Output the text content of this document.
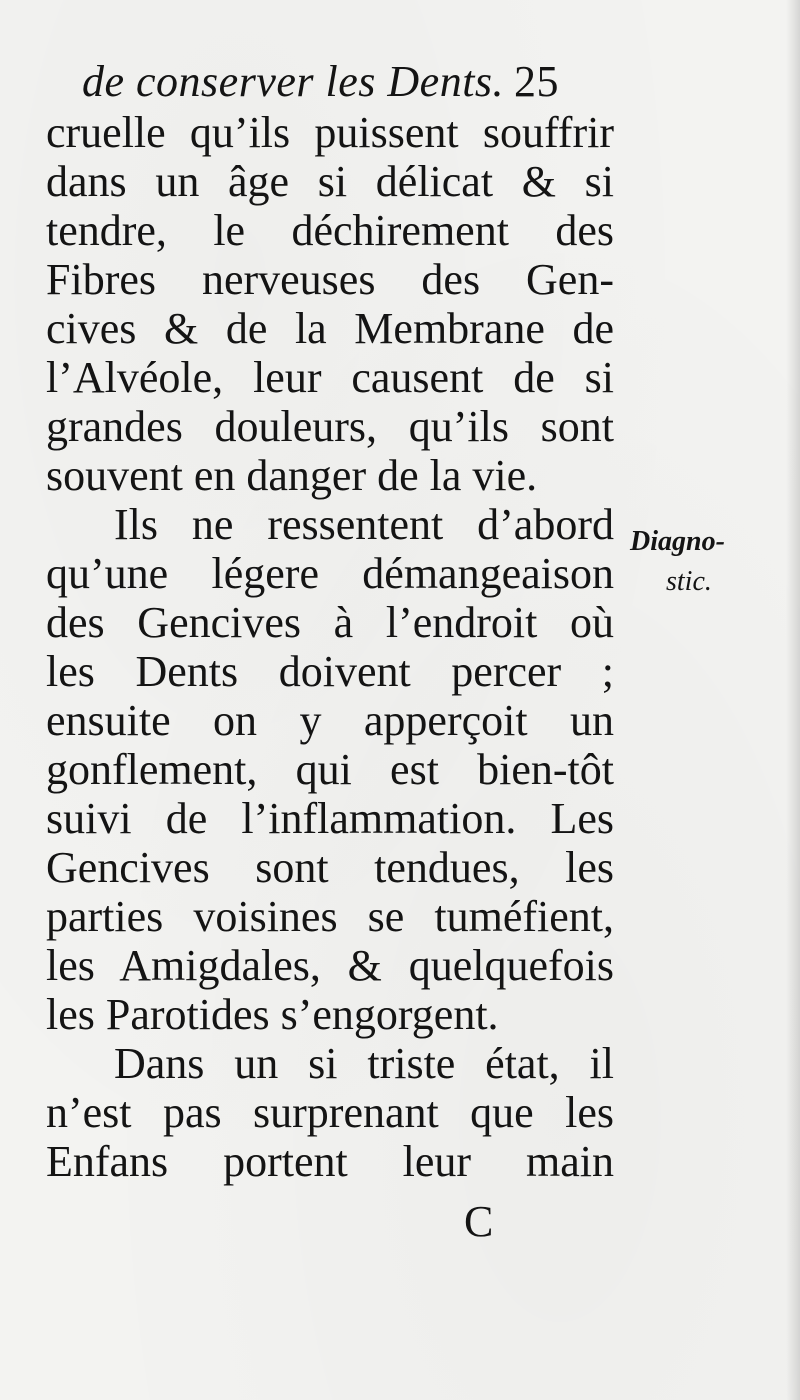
de conserver les Dents. 25
cruelle qu’ils puissent souffrir
dans un âge si délicat & si
tendre, le déchirement des
Fibres nerveuses des Gen-
cives & de la Membrane de
l’Alvéole, leur causent de si
grandes douleurs, qu’ils sont
souvent en danger de la vie.
Ils ne ressentent d’abord
qu’une légere démangeaison
des Gencives à l’endroit où
les Dents doivent percer ;
ensuite on y apperçoit un
gonflement, qui est bien-tôt
suivi de l’inflammation. Les
Gencives sont tendues, les
parties voisines se tuméfient,
les Amigdales, & quelquefois
les Parotides s’engorgent.
Dans un si triste état, il
n’est pas surprenant que les
Enfans portent leur main
Diagno-
stic.
C
